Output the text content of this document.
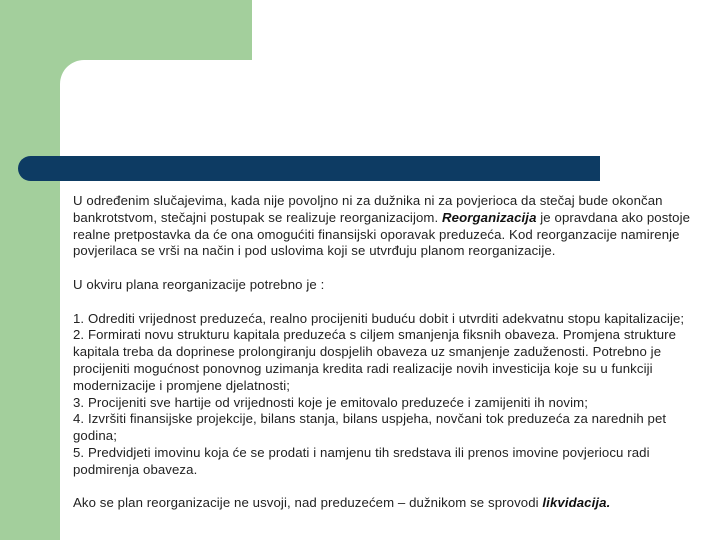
U određenim slučajevima, kada nije povoljno ni za dužnika ni za povjerioca da stečaj bude okončan bankrotstvom, stečajni postupak se realizuje reorganizacijom. Reorganizacija je opravdana ako postoje realne pretpostavka da će ona omogućiti finansijski oporavak preduzeća. Kod reorganzacije namirenje povjerilaca se vrši na način i pod uslovima koji se utvrđuju planom reorganizacije.

U okviru plana reorganizacije potrebno je :

1. Odrediti vrijednost preduzeća, realno procijeniti buduću dobit i utvrditi adekvatnu stopu kapitalizacije;
2. Formirati novu strukturu kapitala preduzeća s ciljem smanjenja fiksnih obaveza. Promjena strukture kapitala treba da doprinese prolongiranju dospjelih obaveza uz smanjenje zaduženosti. Potrebno je procijeniti mogućnost ponovnog uzimanja kredita radi realizacije novih investicija koje su u funkciji modernizacije i promjene djelatnosti;
3. Procijeniti sve hartije od vrijednosti koje je emitovalo preduzeće i zamijeniti ih novim;
4. Izvršiti finansijske projekcije, bilans stanja, bilans uspjeha, novčani tok preduzeća za narednih pet godina;
5. Predvidjeti imovinu koja će se prodati i namjenu tih sredstava ili prenos imovine povjeriocu radi podmirenja obaveza.

Ako se plan reorganizacije ne usvoji, nad preduzećem – dužnikom se sprovodi likvidacija.
